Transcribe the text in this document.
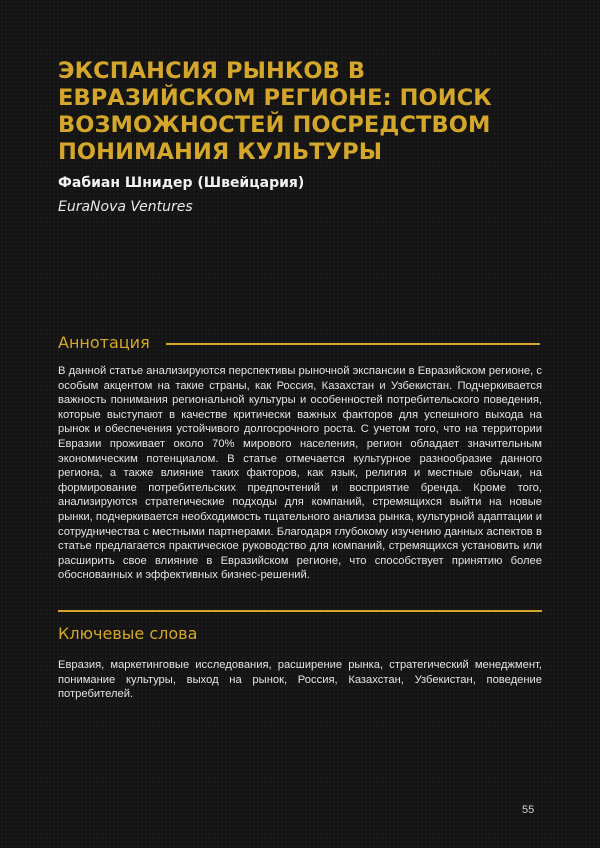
ЭКСПАНСИЯ РЫНКОВ В ЕВРАЗИЙСКОМ РЕГИОНЕ: ПОИСК ВОЗМОЖНОСТЕЙ ПОСРЕДСТВОМ ПОНИМАНИЯ КУЛЬТУРЫ
Фабиан Шнидер (Швейцария)
EuraNova Ventures
Аннотация

В данной статье анализируются перспективы рыночной экспансии в Евразийском регионе, с особым акцентом на такие страны, как Россия, Казахстан и Узбекистан. Подчеркивается важность понимания региональной культуры и особенностей потребительского поведения, которые выступают в качестве критически важных факторов для успешного выхода на рынок и обеспечения устойчивого долгосрочного роста. С учетом того, что на территории Евразии проживает около 70% мирового населения, регион обладает значительным экономическим потенциалом. В статье отмечается культурное разнообразие данного региона, а также влияние таких факторов, как язык, религия и местные обычаи, на формирование потребительских предпочтений и восприятие бренда. Кроме того, анализируются стратегические подходы для компаний, стремящихся выйти на новые рынки, подчеркивается необходимость тщательного анализа рынка, культурной адаптации и сотрудничества с местными партнерами. Благодаря глубокому изучению данных аспектов в статье предлагается практическое руководство для компаний, стремящихся установить или расширить свое влияние в Евразийском регионе, что способствует принятию более обоснованных и эффективных бизнес-решений.

Ключевые слова

Евразия, маркетинговые исследования, расширение рынка, стратегический менеджмент, понимание культуры, выход на рынок, Россия, Казахстан, Узбекистан, поведение потребителей.

55
